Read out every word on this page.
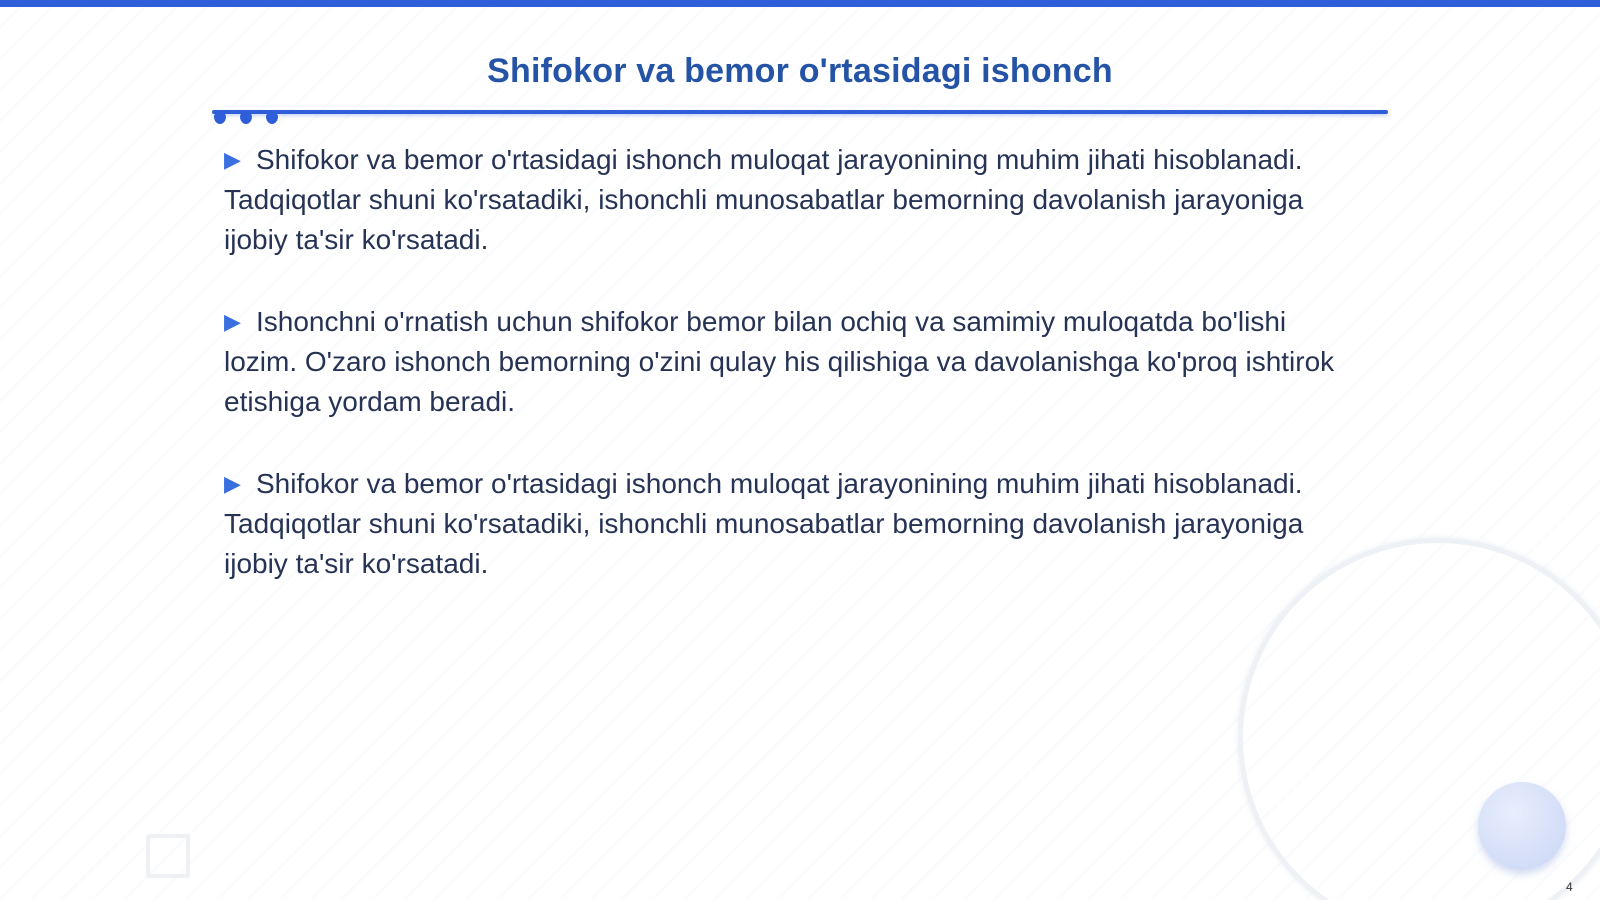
Shifokor va bemor o'rtasidagi ishonch

▶ Shifokor va bemor o'rtasidagi ishonch muloqat jarayonining muhim jihati hisoblanadi. Tadqiqotlar shuni ko'rsatadiki, ishonchli munosabatlar bemorning davolanish jarayoniga ijobiy ta'sir ko'rsatadi.

▶ Ishonchni o'rnatish uchun shifokor bemor bilan ochiq va samimiy muloqatda bo'lishi lozim. O'zaro ishonch bemorning o'zini qulay his qilishiga va davolanishga ko'proq ishtirok etishiga yordam beradi.

▶ Shifokor va bemor o'rtasidagi ishonch muloqat jarayonining muhim jihati hisoblanadi. Tadqiqotlar shuni ko'rsatadiki, ishonchli munosabatlar bemorning davolanish jarayoniga ijobiy ta'sir ko'rsatadi.

4
